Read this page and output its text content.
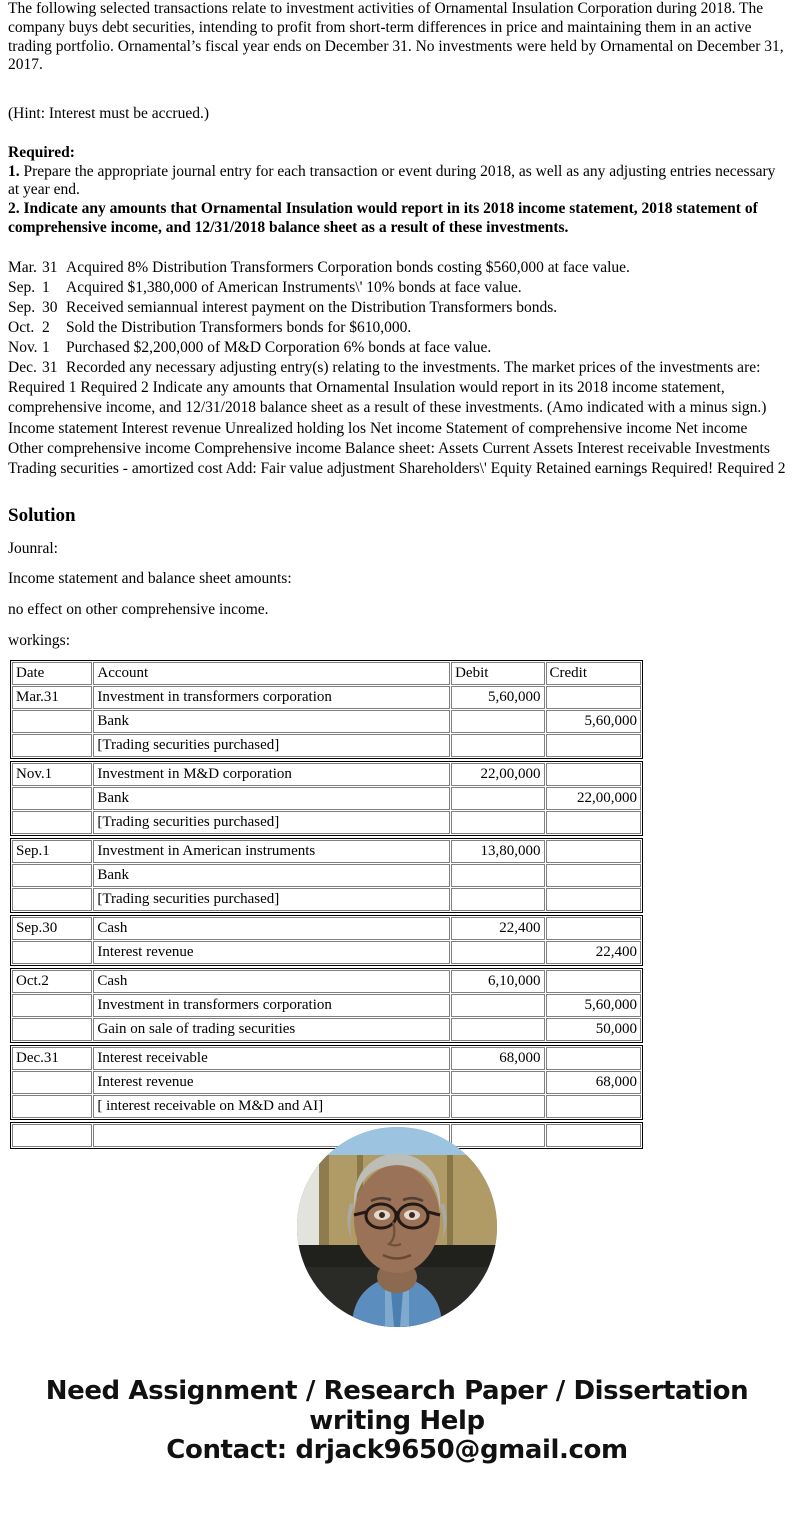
The following selected transactions relate to investment activities of Ornamental Insulation Corporation during 2018. The company buys debt securities, intending to profit from short-term differences in price and maintaining them in an active trading portfolio. Ornamental’s fiscal year ends on December 31. No investments were held by Ornamental on December 31, 2017.

(Hint: Interest must be accrued.)

Required:
1. Prepare the appropriate journal entry for each transaction or event during 2018, as well as any adjusting entries necessary at year end.
2. Indicate any amounts that Ornamental Insulation would report in its 2018 income statement, 2018 statement of comprehensive income, and 12/31/2018 balance sheet as a result of these investments.

Mar. 31 Acquired 8% Distribution Transformers Corporation bonds costing $560,000 at face value.
Sep. 1	Acquired $1,380,000 of American Instruments\' 10% bonds at face value.
Sep. 30 Received semiannual interest payment on the Distribution Transformers bonds.
Oct. 2	Sold the Distribution Transformers bonds for $610,000.
Nov. 1	Purchased $2,200,000 of M&D Corporation 6% bonds at face value.
Dec. 31 Recorded any necessary adjusting entry(s) relating to the investments. The market prices of the investments are:
Required 1 Required 2 Indicate any amounts that Ornamental Insulation would report in its 2018 income statement, comprehensive income, and 12/31/2018 balance sheet as a result of these investments. (Amo indicated with a minus sign.) Income statement Interest revenue Unrealized holding los Net income Statement of comprehensive income Net income Other comprehensive income Comprehensive income Balance sheet: Assets Current Assets Interest receivable Investments Trading securities - amortized cost Add: Fair value adjustment Shareholders\' Equity Retained earnings Required! Required 2
Solution

Jounral:

Income statement and balance sheet amounts:

no effect on other comprehensive income.

workings:

Date	Account	Debit	Credit
Mar.31	Investment in transformers corporation	5,60,000	
	Bank		5,60,000
	[Trading securities purchased]		
Nov.1	Investment in M&D corporation	22,00,000	
	Bank		22,00,000
	[Trading securities purchased]		
Sep.1	Investment in American instruments	13,80,000	
	Bank		
	[Trading securities purchased]		
Sep.30	Cash	22,400	
	Interest revenue		22,400
Oct.2	Cash	6,10,000	
	Investment in transformers corporation		5,60,000
	Gain on sale of trading securities		50,000
Dec.31	Interest receivable	68,000	
	Interest revenue		68,000
	[ interest receivable on M&D and AI]		

Need Assignment / Research Paper / Dissertation
writing Help
Contact: drjack9650@gmail.com
